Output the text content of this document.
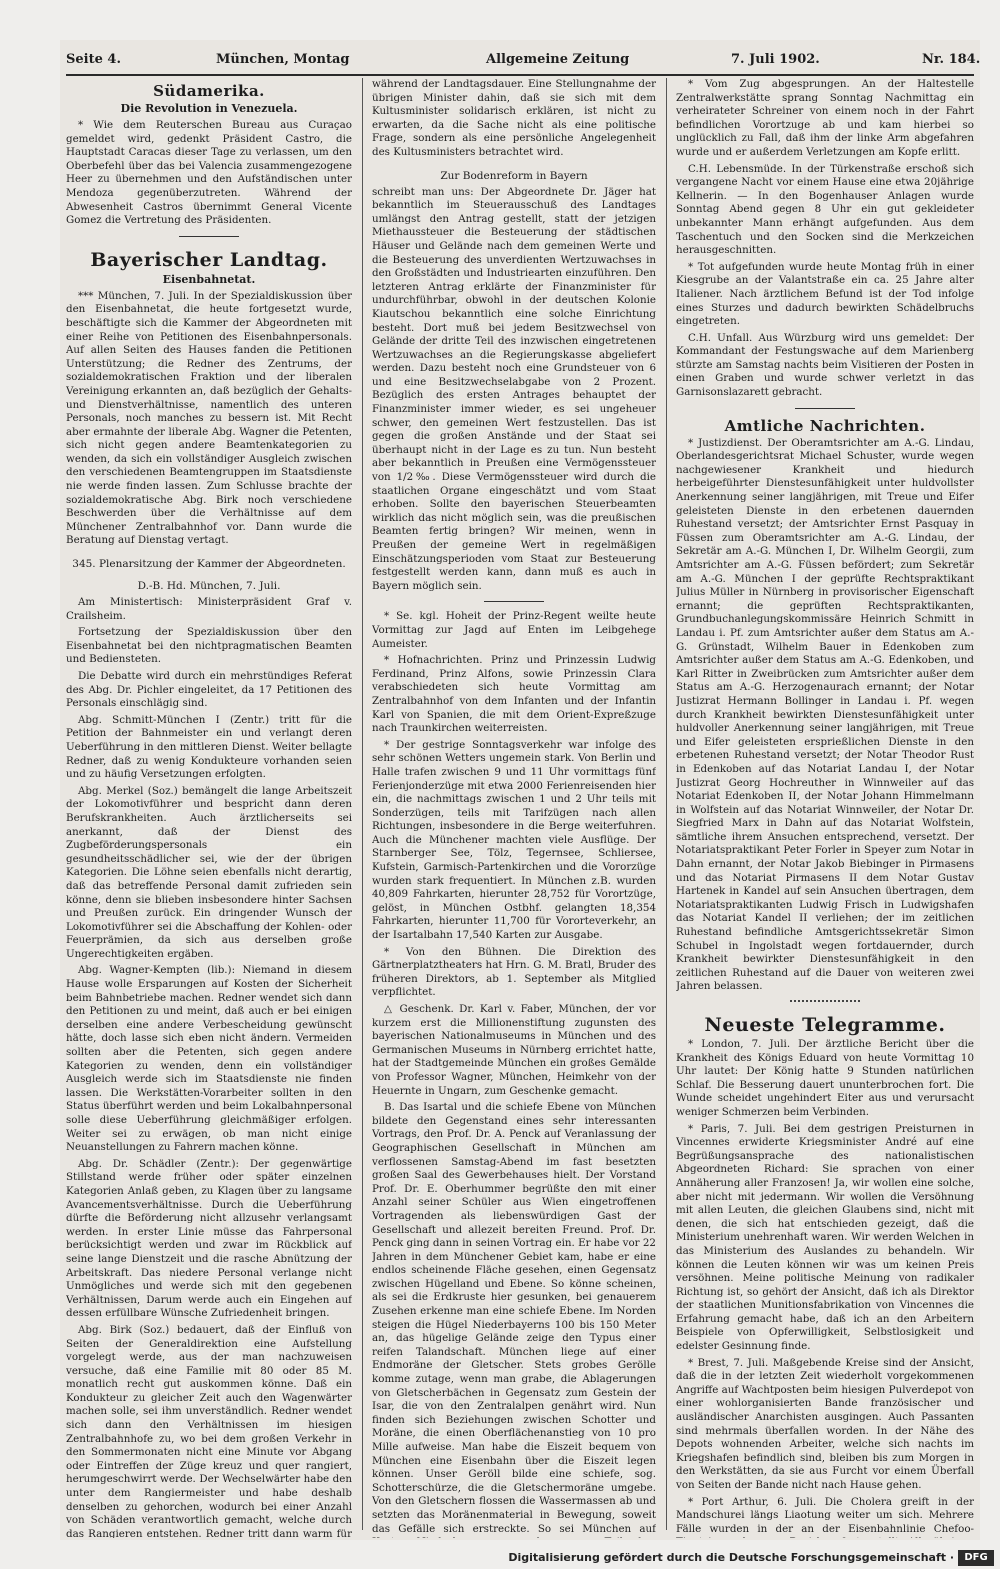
Seite 4.	München, Montag	Allgemeine Zeitung	7. Juli 1902.	Nr. 184.
Südamerika.
Die Revolution in Venezuela.

* Wie dem Reuterschen Bureau aus Curaçao gemeldet wird, gedenkt Präsident Castro, die Hauptstadt Caracas dieser Tage zu verlassen, um den Oberbefehl über das bei Valencia zusammengezogene Heer zu übernehmen und den Aufständischen unter Mendoza gegenüberzutreten. Während der Abwesenheit Castros übernimmt General Vicente Gomez die Vertretung des Präsidenten.

Bayerischer Landtag.
Eisenbahnetat.

*** München, 7. Juli. In der Spezialdiskussion über den Eisenbahnetat, die heute fortgesetzt wurde, beschäftigte sich die Kammer der Abgeordneten mit einer Reihe von Petitionen des Eisenbahnpersonals. Auf allen Seiten des Hauses fanden die Petitionen Unterstützung; die Redner des Zentrums, der sozialdemokratischen Fraktion und der liberalen Vereinigung erkannten an, daß bezüglich der Gehalts- und Dienstverhältnisse, namentlich des unteren Personals, noch manches zu bessern ist. Mit Recht aber ermahnte der liberale Abg. Wagner die Petenten, sich nicht gegen andere Beamtenkategorien zu wenden, da sich ein vollständiger Ausgleich zwischen den verschiedenen Beamtengruppen im Staatsdienste nie werde finden lassen. Zum Schlusse brachte der sozialdemokratische Abg. Birk noch verschiedene Beschwerden über die Verhältnisse auf dem Münchener Zentralbahnhof vor. Dann wurde die Beratung auf Dienstag vertagt.

345. Plenarsitzung der Kammer der Abgeordneten.
D.-B. Hd. München, 7. Juli.

Am Ministertisch: Ministerpräsident Graf v. Crailsheim.

Fortsetzung der Spezialdiskussion über den Eisenbahnetat bei den nichtpragmatischen Beamten und Bediensteten.

Die Debatte wird durch ein mehrstündiges Referat des Abg. Dr. Pichler eingeleitet, da 17 Petitionen des Personals einschlägig sind.

Abg. Schmitt-München I (Zentr.) tritt für die Petition der Bahnmeister ein und verlangt deren Ueberführung in den mittleren Dienst. Weiter bellagte Redner, daß zu wenig Kondukteure vorhanden seien und zu häufig Versetzungen erfolgten.

Abg. Merkel (Soz.) bemängelt die lange Arbeitszeit der Lokomotivführer und bespricht dann deren Berufskrankheiten. Auch ärztlicherseits sei anerkannt, daß der Dienst des Zugbeförderungspersonals ein gesundheitsschädlicher sei, wie der der übrigen Kategorien. Die Löhne seien ebenfalls nicht derartig, daß das betreffende Personal damit zufrieden sein könne, denn sie blieben insbesondere hinter Sachsen und Preußen zurück. Ein dringender Wunsch der Lokomotivführer sei die Abschaffung der Kohlen- oder Feuerprämien, da sich aus derselben große Ungerechtigkeiten ergäben.

Abg. Wagner-Kempten (lib.): Niemand in diesem Hause wolle Ersparungen auf Kosten der Sicherheit beim Bahnbetriebe machen. Redner wendet sich dann den Petitionen zu und meint, daß auch er bei einigen derselben eine andere Verbescheidung gewünscht hätte, doch lasse sich eben nicht ändern. Vermeiden sollten aber die Petenten, sich gegen andere Kategorien zu wenden, denn ein vollständiger Ausgleich werde sich im Staatsdienste nie finden lassen. Die Werkstätten-Vorarbeiter sollten in den Status überführt werden und beim Lokalbahnpersonal solle diese Ueberführung gleichmäßiger erfolgen. Weiter sei zu erwägen, ob man nicht einige Neuanstellungen zu Fahrern machen könne.

Abg. Dr. Schädler (Zentr.): Der gegenwärtige Stillstand werde früher oder später einzelnen Kategorien Anlaß geben, zu Klagen über zu langsame Avancementsverhältnisse. Durch die Ueberführung dürfte die Beförderung nicht allzusehr verlangsamt werden. In erster Linie müsse das Fahrpersonal berücksichtigt werden und zwar im Rückblick auf seine lange Dienstzeit und die rasche Abnützung der Arbeitskraft. Das niedere Personal verlange nicht Unmögliches und werde sich mit den gegebenen Verhältnissen, Darum werde auch ein Eingehen auf dessen erfüllbare Wünsche Zufriedenheit bringen.

Abg. Birk (Soz.) bedauert, daß der Einfluß von Seiten der Generaldirektion eine Aufstellung vorgelegt werde, aus der man nachzuweisen versuche, daß eine Familie mit 80 oder 85 M. monatlich recht gut auskommen könne. Daß ein Kondukteur zu gleicher Zeit auch den Wagenwärter machen solle, sei ihm unverständlich. Redner wendet sich dann den Verhältnissen im hiesigen Zentralbahnhofe zu, wo bei dem großen Verkehr in den Sommermonaten nicht eine Minute vor Abgang oder Eintreffen der Züge kreuz und quer rangiert, herumgeschwirrt werde. Der Wechselwärter habe den unter dem Rangiermeister und habe deshalb denselben zu gehorchen, wodurch bei einer Anzahl von Schäden verantwortlich gemacht, welche durch das Rangieren entstehen. Redner tritt dann warm für

während der Landtagsdauer. Eine Stellungnahme der übrigen Minister dahin, daß sie sich mit dem Kultusminister solidarisch erklären, ist nicht zu erwarten, da die Sache nicht als eine politische Frage, sondern als eine persönliche Angelegenheit des Kultusministers betrachtet wird.

Zur Bodenreform in Bayern

schreibt man uns: Der Abgeordnete Dr. Jäger hat bekanntlich im Steuerausschuß des Landtages umlängst den Antrag gestellt, statt der jetzigen Miethaussteuer die Besteuerung der städtischen Häuser und Gelände nach dem gemeinen Werte und die Besteuerung des unverdienten Wertzuwachses in den Großstädten und Industriearten einzuführen. Den letzteren Antrag erklärte der Finanzminister für undurchführbar, obwohl in der deutschen Kolonie Kiautschou bekanntlich eine solche Einrichtung besteht. Dort muß bei jedem Besitzwechsel von Gelände der dritte Teil des inzwischen eingetretenen Wertzuwachses an die Regierungskasse abgeliefert werden. Dazu besteht noch eine Grundsteuer von 6 und eine Besitzwechselabgabe von 2 Prozent. Bezüglich des ersten Antrages behauptet der Finanzminister immer wieder, es sei ungeheuer schwer, den gemeinen Wert festzustellen. Das ist gegen die großen Anstände und der Staat sei überhaupt nicht in der Lage es zu tun. Nun besteht aber bekanntlich in Preußen eine Vermögenssteuer von 1/2‰. Diese Vermögenssteuer wird durch die staatlichen Organe eingeschätzt und vom Staat erhoben. Sollte den bayerischen Steuerbeamten wirklich das nicht möglich sein, was die preußischen Beamten fertig bringen? Wir meinen, wenn in Preußen der gemeine Wert in regelmäßigen Einschätzungsperioden vom Staat zur Besteuerung festgestellt werden kann, dann muß es auch in Bayern möglich sein.

* Se. kgl. Hoheit der Prinz-Regent weilte heute Vormittag zur Jagd auf Enten im Leibgehege Aumeister.

* Hofnachrichten. Prinz und Prinzessin Ludwig Ferdinand, Prinz Alfons, sowie Prinzessin Clara verabschiedeten sich heute Vormittag am Zentralbahnhof von dem Infanten und der Infantin Karl von Spanien, die mit dem Orient-Expreßzuge nach Traunkirchen weiterreisten.

* Der gestrige Sonntagsverkehr war infolge des sehr schönen Wetters ungemein stark. Von Berlin und Halle trafen zwischen 9 und 11 Uhr vormittags fünf Ferienjonderzüge mit etwa 2000 Ferienreisenden hier ein, die nachmittags zwischen 1 und 2 Uhr teils mit Sonderzügen, teils mit Tarifzügen nach allen Richtungen, insbesondere in die Berge weiterfuhren. Auch die Münchener machten viele Ausflüge. Der Starnberger See, Tölz, Tegernsee, Schliersee, Kufstein, Garmisch-Partenkirchen und die Vororzüge wurden stark frequentiert. In München z.B. wurden 40,809 Fahrkarten, hierunter 28,752 für Vorortzüge, gelöst, in München Ostbhf. gelangten 18,354 Fahrkarten, hierunter 11,700 für Vororteverkehr, an der Isartalbahn 17,540 Karten zur Ausgabe.

* Von den Bühnen. Die Direktion des Gärtnerplatztheaters hat Hrn. G. M. Bratl, Bruder des früheren Direktors, ab 1. September als Mitglied verpflichtet.

△ Geschenk. Dr. Karl v. Faber, München, der vor kurzem erst die Millionenstiftung zugunsten des bayerischen Nationalmuseums in München und des Germanischen Museums in Nürnberg errichtet hatte, hat der Stadtgemeinde München ein großes Gemälde von Professor Wagner, München, Heimkehr von der Heuernte in Ungarn, zum Geschenke gemacht.

B. Das Isartal und die schiefe Ebene von München bildete den Gegenstand eines sehr interessanten Vortrags, den Prof. Dr. A. Penck auf Veranlassung der Geographischen Gesellschaft in München am verflossenen Samstag-Abend im fast besetzten großen Saal des Gewerbehauses hielt. Der Vorstand Prof. Dr. E. Oberhummer begrüßte den mit einer Anzahl seiner Schüler aus Wien eingetroffenen Vortragenden als liebenswürdigen Gast der Gesellschaft und allezeit bereiten Freund. Prof. Dr. Penck ging dann in seinen Vortrag ein. Er habe vor 22 Jahren in dem Münchener Gebiet kam, habe er eine endlos scheinende Fläche gesehen, einen Gegensatz zwischen Hügelland und Ebene. So könne scheinen, als sei die Erdkruste hier gesunken, bei genauerem Zusehen erkenne man eine schiefe Ebene. Im Norden steigen die Hügel Niederbayerns 100 bis 150 Meter an, das hügelige Gelände zeige den Typus einer reifen Talandschaft. München liege auf einer Endmoräne der Gletscher. Stets grobes Gerölle komme zutage, wenn man grabe, die Ablagerungen von Gletscherbächen in Gegensatz zum Gestein der Isar, die von den Zentralalpen genährt wird. Nun finden sich Beziehungen zwischen Schotter und Moräne, die einen Oberflächenanstieg von 10 pro Mille aufweise. Man habe die Eiszeit bequem von München eine Eisenbahn über die Eiszeit legen können. Unser Geröll bilde eine schiefe, sog. Schotterschürze, die die Gletschermoräne umgebe. Von den Gletschern flossen die Wassermassen ab und setzten das Moränenmaterial in Bewegung, soweit das Gefälle sich erstreckte. So sei München auf

* Vom Zug abgesprungen. An der Haltestelle Zentralwerkstätte sprang Sonntag Nachmittag ein verheirateter Schreiner von einem noch in der Fahrt befindlichen Vorortzuge ab und kam hierbei so unglücklich zu Fall, daß ihm der linke Arm abgefahren wurde und er außerdem Verletzungen am Kopfe erlitt.

C.H. Lebensmüde. In der Türkenstraße erschoß sich vergangene Nacht vor einem Hause eine etwa 20jährige Kellnerin. — In den Bogenhauser Anlagen wurde Sonntag Abend gegen 8 Uhr ein gut gekleideter unbekannter Mann erhängt aufgefunden. Aus dem Taschentuch und den Socken sind die Merkzeichen herausgeschnitten.

* Tot aufgefunden wurde heute Montag früh in einer Kiesgrube an der Valantstraße ein ca. 25 Jahre alter Italiener. Nach ärztlichem Befund ist der Tod infolge eines Sturzes und dadurch bewirkten Schädelbruchs eingetreten.

C.H. Unfall. Aus Würzburg wird uns gemeldet: Der Kommandant der Festungswache auf dem Marienberg stürzte am Samstag nachts beim Visitieren der Posten in einen Graben und wurde schwer verletzt in das Garnisonslazarett gebracht.

Amtliche Nachrichten.

* Justizdienst. Der Oberamtsrichter am A.-G. Lindau, Oberlandesgerichtsrat Michael Schuster, wurde wegen nachgewiesener Krankheit und hiedurch herbeigeführter Dienstesunfähigkeit unter huldvollster Anerkennung seiner langjährigen, mit Treue und Eifer geleisteten Dienste in den erbetenen dauernden Ruhestand versetzt; der Amtsrichter Ernst Pasquay in Füssen zum Oberamtsrichter am A.-G. Lindau, der Sekretär am A.-G. München I, Dr. Wilhelm Georgii, zum Amtsrichter am A.-G. Füssen befördert; zum Sekretär am A.-G. München I der geprüfte Rechtspraktikant Julius Müller in Nürnberg in provisorischer Eigenschaft ernannt; die geprüften Rechtspraktikanten, Grundbuchanlegungskommissäre Heinrich Schmitt in Landau i. Pf. zum Amtsrichter außer dem Status am A.-G. Grünstadt, Wilhelm Bauer in Edenkoben zum Amtsrichter außer dem Status am A.-G. Edenkoben, und Karl Ritter in Zweibrücken zum Amtsrichter außer dem Status am A.-G. Herzogenaurach ernannt; der Notar Justizrat Hermann Bollinger in Landau i. Pf. wegen durch Krankheit bewirkten Dienstesunfähigkeit unter huldvoller Anerkennung seiner langjährigen, mit Treue und Eifer geleisteten ersprießlichen Dienste in den erbetenen Ruhestand versetzt; der Notar Theodor Rust in Edenkoben auf das Notariat Landau I, der Notar Justizrat Georg Hochreuther in Winnweiler auf das Notariat Edenkoben II, der Notar Johann Himmelmann in Wolfstein auf das Notariat Winnweiler, der Notar Dr. Siegfried Marx in Dahn auf das Notariat Wolfstein, sämtliche ihrem Ansuchen entsprechend, versetzt. Der Notariatspraktikant Peter Forler in Speyer zum Notar in Dahn ernannt, der Notar Jakob Biebinger in Pirmasens und das Notariat Pirmasens II dem Notar Gustav Hartenek in Kandel auf sein Ansuchen übertragen, dem Notariatspraktikanten Ludwig Frisch in Ludwigshafen das Notariat Kandel II verliehen; der im zeitlichen Ruhestand befindliche Amtsgerichtssekretär Simon Schubel in Ingolstadt wegen fortdauernder, durch Krankheit bewirkter Dienstesunfähigkeit in den zeitlichen Ruhestand auf die Dauer von weiteren zwei Jahren belassen.

Neueste Telegramme.

* London, 7. Juli. Der ärztliche Bericht über die Krankheit des Königs Eduard von heute Vormittag 10 Uhr lautet: Der König hatte 9 Stunden natürlichen Schlaf. Die Besserung dauert ununterbrochen fort. Die Wunde scheidet ungehindert Eiter aus und verursacht weniger Schmerzen beim Verbinden.

* Paris, 7. Juli. Bei dem gestrigen Preisturnen in Vincennes erwiderte Kriegsminister André auf eine Begrüßungsansprache des nationalistischen Abgeordneten Richard: Sie sprachen von einer Annäherung aller Franzosen! Ja, wir wollen eine solche, aber nicht mit jedermann. Wir wollen die Versöhnung mit allen Leuten, die gleichen Glaubens sind, nicht mit denen, die sich hat entschieden gezeigt, daß die Ministerium unehrenhaft waren. Wir werden Welchen in das Ministerium des Auslandes zu behandeln. Wir können die Leuten können wir was um keinen Preis versöhnen. Meine politische Meinung von radikaler Richtung ist, so gehört der Ansicht, daß ich als Direktor der staatlichen Munitionsfabrikation von Vincennes die Erfahrung gemacht habe, daß ich an den Arbeitern Beispiele von Opferwilligkeit, Selbstlosigkeit und edelster Gesinnung finde.

* Brest, 7. Juli. Maßgebende Kreise sind der Ansicht, daß die in der letzten Zeit wiederholt vorgekommenen Angriffe auf Wachtposten beim hiesigen Pulverdepot von einer wohlorganisierten Bande französischer und ausländischer Anarchisten ausgingen. Auch Passanten sind mehrmals überfallen worden. In der Nähe des Depots wohnenden Arbeiter, welche sich nachts im Kriegshafen befindlich sind, bleiben bis zum Morgen in den Werkstätten, da sie aus Furcht vor einem Überfall von Seiten der Bande nicht nach Hause gehen.

* Port Arthur, 6. Juli. Die Cholera greift in der Mandschurei längs Liaotung weiter um sich. Mehrere Fälle wurden in der an der Eisenbahnlinie Chefoo-

Digitalisierung gefördert durch die Deutsche Forschungsgemeinschaft ·	DFG
